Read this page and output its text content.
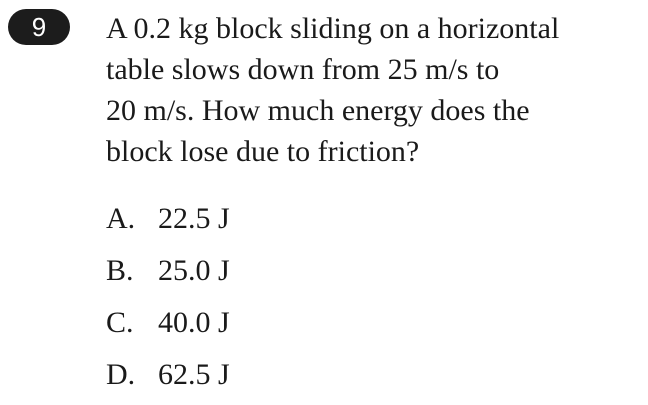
9	A 0.2 kg block sliding on a horizontal
table slows down from 25 m/s to
20 m/s. How much energy does the
block lose due to friction?

A. 22.5 J
B. 25.0 J
C. 40.0 J
D. 62.5 J
